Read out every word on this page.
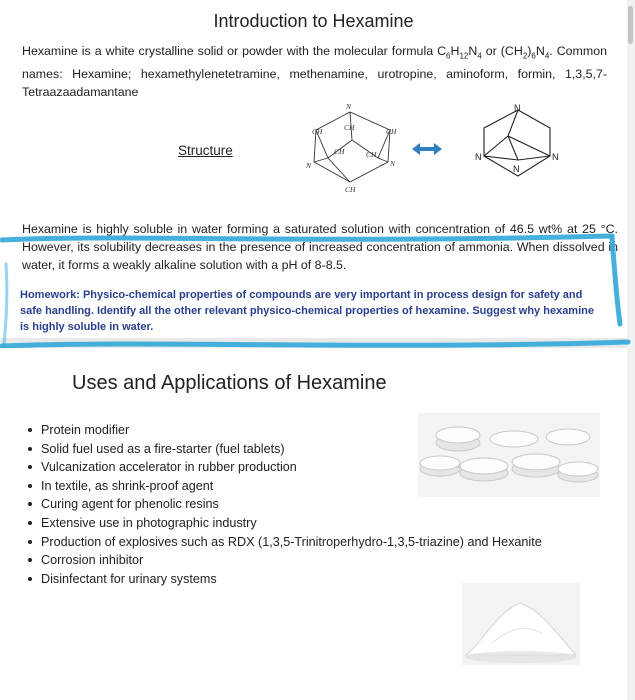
Introduction to Hexamine
Hexamine is a white crystalline solid or powder with the molecular formula $C_6H_{12}N_4$ or $(CH_2)_6N_4$. Common names: Hexamine; hexamethylenetetramine, methenamine, urotropine, aminoform, formin, 1,3,5,7-Tetraazaadamantane
Structure
N
CH	CH	CH
CH	CH
N	N
CH
N
N	N
N
Hexamine is highly soluble in water forming a saturated solution with concentration of 46.5 wt% at 25 °C. However, its solubility decreases in the presence of increased concentration of ammonia. When dissolved in water, it forms a weakly alkaline solution with a pH of 8-8.5.
Homework: Physico-chemical properties of compounds are very important in process design for safety and safe handling. Identify all the other relevant physico-chemical properties of hexamine. Suggest why hexamine is highly soluble in water.
Uses and Applications of Hexamine
Protein modifier
Solid fuel used as a fire-starter (fuel tablets)
Vulcanization accelerator in rubber production
In textile, as shrink-proof agent
Curing agent for phenolic resins
Extensive use in photographic industry
Production of explosives such as RDX (1,3,5-Trinitroperhydro-1,3,5-triazine) and Hexanite
Corrosion inhibitor
Disinfectant for urinary systems
